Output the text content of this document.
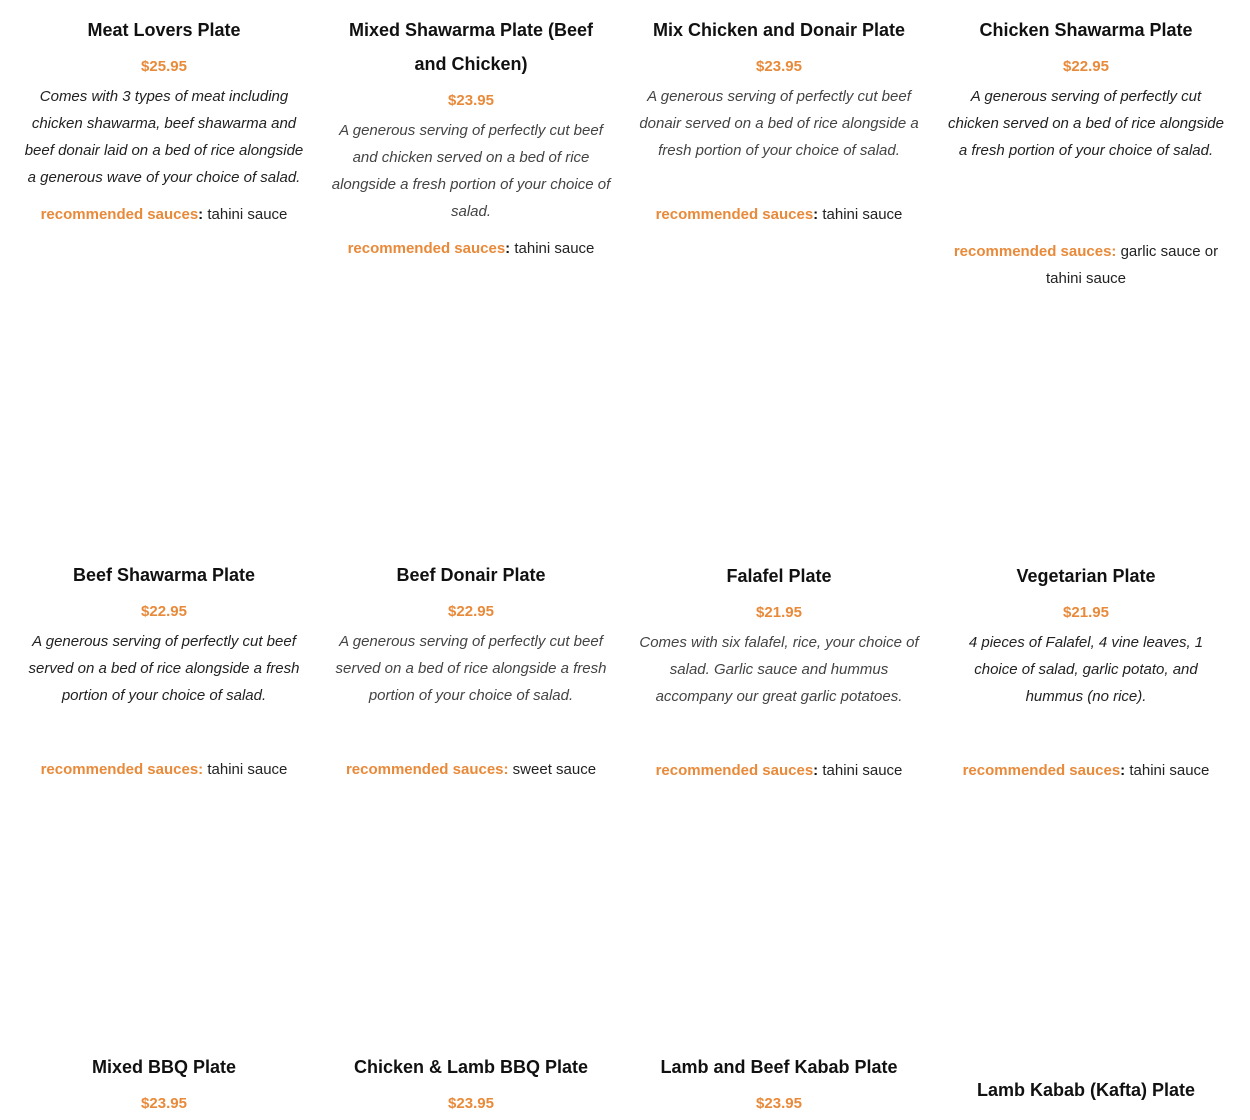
Meat Lovers Plate
$25.95

Comes with 3 types of meat including chicken shawarma, beef shawarma and beef donair laid on a bed of rice alongside a generous wave of your choice of salad.

recommended sauces: tahini sauce
Mixed Shawarma Plate (Beef and Chicken)
$23.95

A generous serving of perfectly cut beef and chicken served on a bed of rice alongside a fresh portion of your choice of salad.

recommended sauces: tahini sauce
Mix Chicken and Donair Plate
$23.95

A generous serving of perfectly cut beef donair served on a bed of rice alongside a fresh portion of your choice of salad.

recommended sauces: tahini sauce
Chicken Shawarma Plate
$22.95

A generous serving of perfectly cut chicken served on a bed of rice alongside a fresh portion of your choice of salad.

recommended sauces: garlic sauce or tahini sauce
Beef Shawarma Plate
$22.95

A generous serving of perfectly cut beef served on a bed of rice alongside a fresh portion of your choice of salad.

recommended sauces: tahini sauce
Beef Donair Plate
$22.95

A generous serving of perfectly cut beef served on a bed of rice alongside a fresh portion of your choice of salad.

recommended sauces: sweet sauce
Falafel Plate
$21.95

Comes with six falafel, rice, your choice of salad. Garlic sauce and hummus accompany our great garlic potatoes.

recommended sauces: tahini sauce
Vegetarian Plate
$21.95

4 pieces of Falafel, 4 vine leaves, 1 choice of salad, garlic potato, and hummus (no rice).

recommended sauces: tahini sauce
Mixed BBQ Plate
$23.95
Chicken & Lamb BBQ Plate
$23.95
Lamb and Beef Kabab Plate
$23.95
Lamb Kabab (Kafta) Plate
